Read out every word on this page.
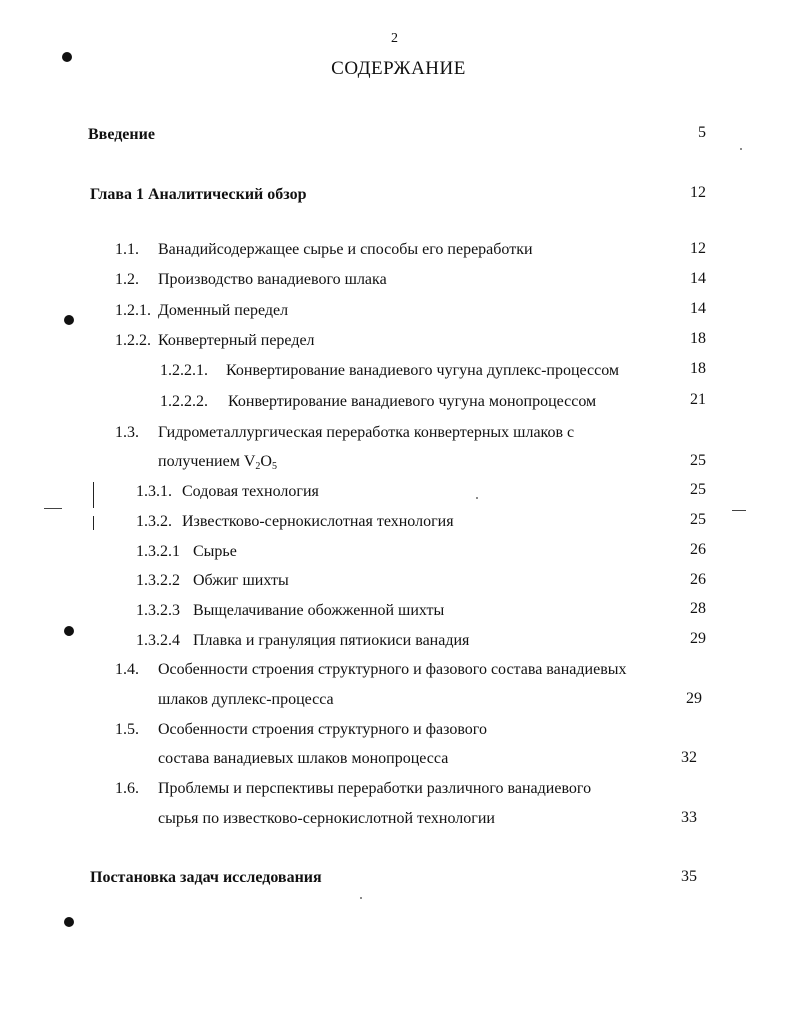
2
СОДЕРЖАНИЕ
Введение	5
Глава 1 Аналитический обзор	12
1.1. Ванадийсодержащее сырье и способы его переработки	12
1.2. Производство ванадиевого шлака	14
1.2.1. Доменный передел	14
1.2.2. Конвертерный передел	18
1.2.2.1. Конвертирование ванадиевого чугуна дуплекс-процессом	18
1.2.2.2. Конвертирование ванадиевого чугуна монопроцессом	21
1.3. Гидрометаллургическая переработка конвертерных шлаков с
получением $V_2O_5$	25
1.3.1. Содовая технология	25
1.3.2. Известково-сернокислотная технология	25
1.3.2.1 Сырье	26
1.3.2.2 Обжиг шихты	26
1.3.2.3 Выщелачивание обожженной шихты	28
1.3.2.4 Плавка и грануляция пятиокиси ванадия	29
1.4. Особенности строения структурного и фазового состава ванадиевых
шлаков дуплекс-процесса	29
1.5. Особенности строения структурного и фазового
состава ванадиевых шлаков монопроцесса	32
1.6. Проблемы и перспективы переработки различного ванадиевого
сырья по известково-сернокислотной технологии	33
Постановка задач исследования	35
